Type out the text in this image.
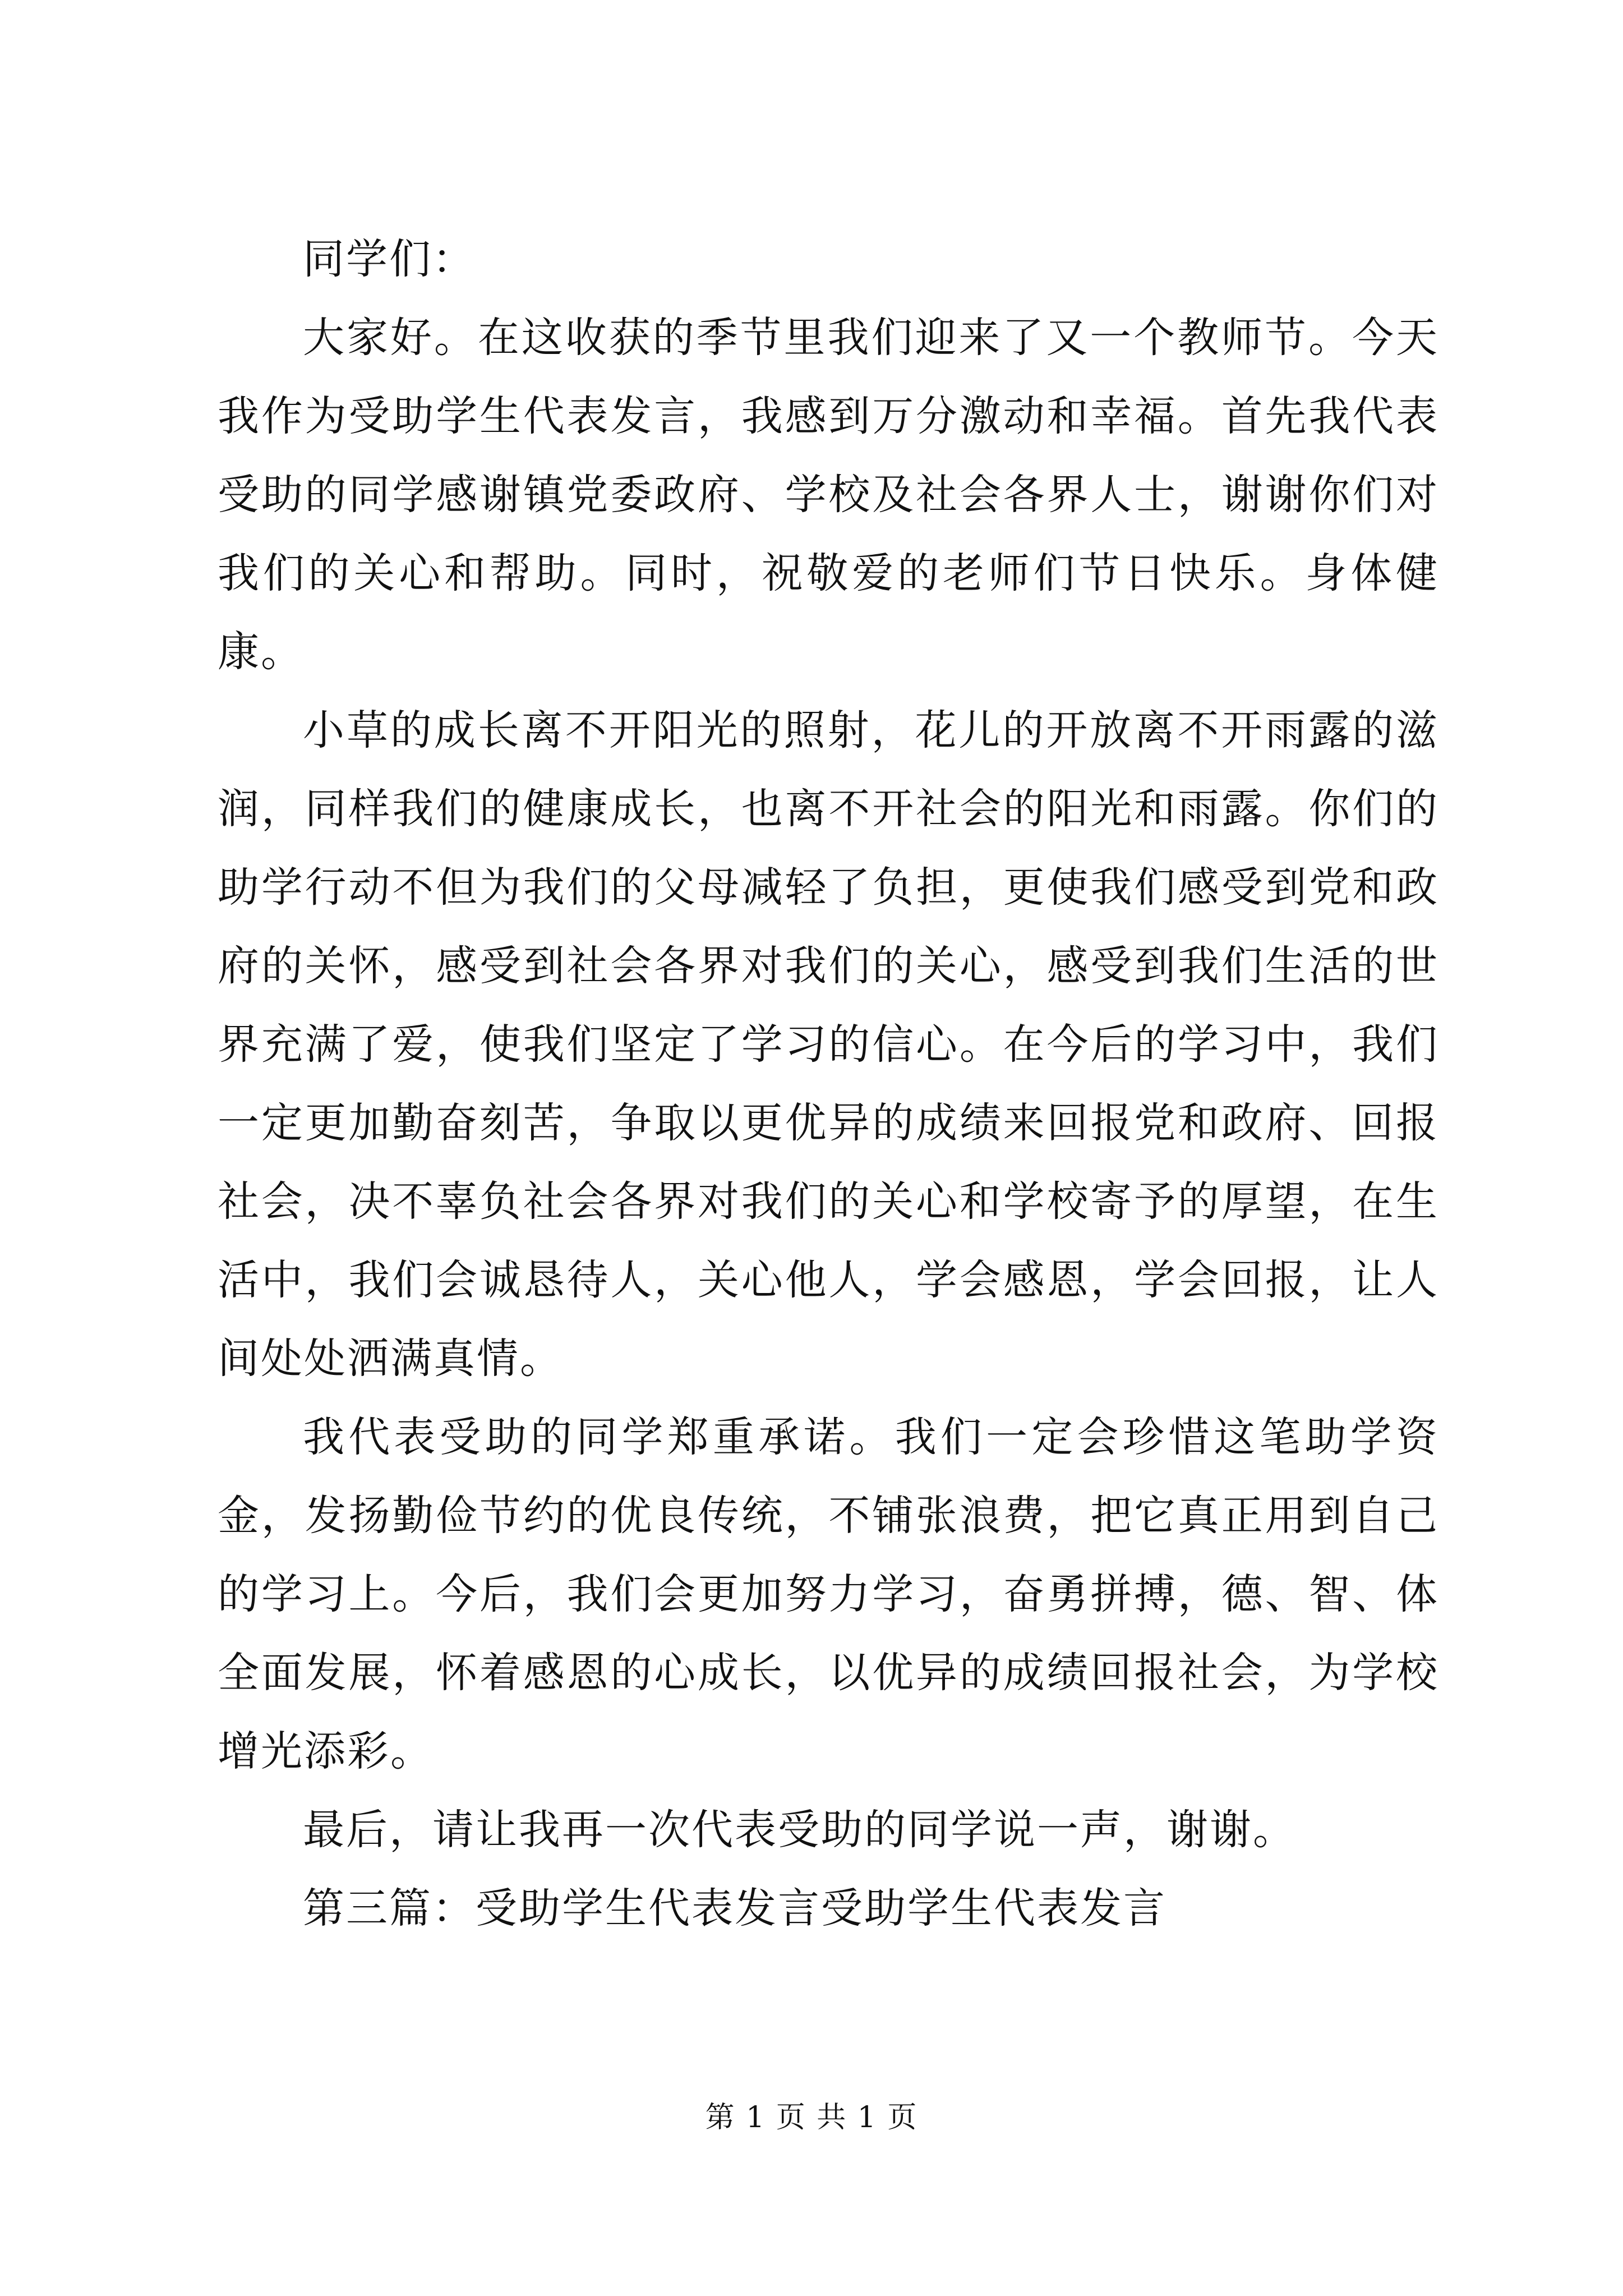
同学们：

大家好。在这收获的季节里我们迎来了又一个教师节。今天我作为受助学生代表发言，我感到万分激动和幸福。首先我代表受助的同学感谢镇党委政府、学校及社会各界人士，谢谢你们对我们的关心和帮助。同时，祝敬爱的老师们节日快乐。身体健康。

小草的成长离不开阳光的照射，花儿的开放离不开雨露的滋润，同样我们的健康成长，也离不开社会的阳光和雨露。你们的助学行动不但为我们的父母减轻了负担，更使我们感受到党和政府的关怀，感受到社会各界对我们的关心，感受到我们生活的世界充满了爱，使我们坚定了学习的信心。在今后的学习中，我们一定更加勤奋刻苦，争取以更优异的成绩来回报党和政府、回报社会，决不辜负社会各界对我们的关心和学校寄予的厚望，在生活中，我们会诚恳待人，关心他人，学会感恩，学会回报，让人间处处洒满真情。

我代表受助的同学郑重承诺。我们一定会珍惜这笔助学资金，发扬勤俭节约的优良传统，不铺张浪费，把它真正用到自己的学习上。今后，我们会更加努力学习，奋勇拼搏，德、智、体全面发展，怀着感恩的心成长，以优异的成绩回报社会，为学校增光添彩。

最后，请让我再一次代表受助的同学说一声，谢谢。

第三篇：受助学生代表发言受助学生代表发言

第 1 页 共 1 页
